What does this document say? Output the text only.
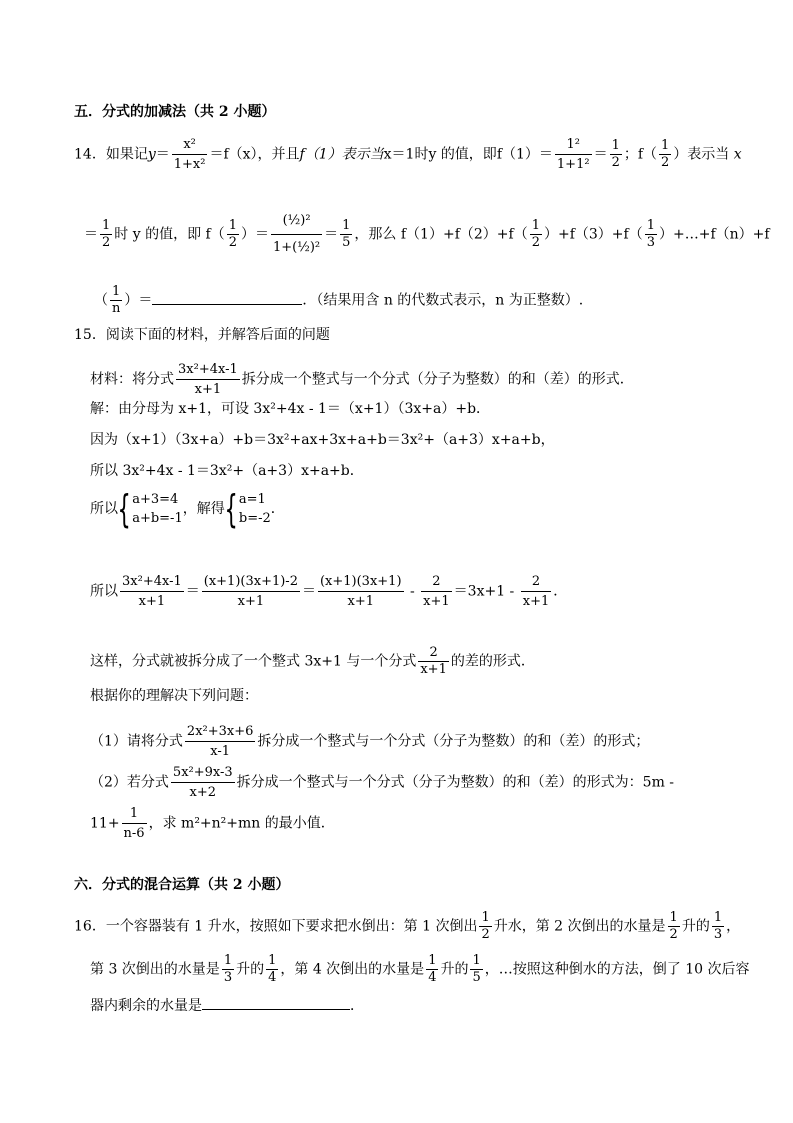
五．分式的加减法（共 2 小题）
14．如果记$y= \frac{\text{x²}}{\text{1+x²}} =f(x)$，并且f（1）表示当x＝1时y 的值，即$f(1)= \frac{\text{1²}}{\text{1+1²}} = \frac{1}{2}$ ；$f( \frac{1}{2}$ ）表示当 x
＝ $\frac{1}{2}$ 时 y 的值，即 $f( \frac{1}{2}$ ）＝ $\frac{\text{(½)²}}{\text{1+(½)²}} = \frac{1}{5}$ ，那么 $f(1)+f(2)+f( \frac{1}{2} )+f(3)+f( \frac{1}{3}$ ）+…+f（n）+f
（ $\frac{1}{n}$ ）＝	．（结果用含 n 的代数式表示，n 为正整数）.
15．阅读下面的材料，并解答后面的问题
材料：将分式 $\frac{\text{3x²+4x-1}}{x+1}$ 拆分成一个整式与一个分式（分子为整数）的和（差）的形式．
解：由分母为 x+1，可设 3x²+4x - 1＝（x+1）（3x+a）+b．
因为（x+1）（3x+a）+b＝3x²+ax+3x+a+b＝3x²+（a+3）x+a+b，
所以 3x²+4x - 1＝3x²+（a+3）x+a+b．
所以{ a+3=4
a+b=-1
，解得{ a=1
b=-2
．
所以 $\frac{\text{3x²+4x-1}}{x+1} = \frac{(x+1)(3x+1)-2}{x+1} = \frac{(x+1)(3x+1)}{x+1} - \frac{2}{x+1} =3x+1 - \frac{2}{x+1}$ ．
这样，分式就被拆分成了一个整式 3x+1 与一个分式 $\frac{2}{x+1}$ 的差的形式．
根据你的理解决下列问题：
（1）请将分式 $\frac{\text{2x²+3x+6}}{x-1}$ 拆分成一个整式与一个分式（分子为整数）的和（差）的形式；
（2）若分式 $\frac{\text{5x²+9x-3}}{x+2}$ 拆分成一个整式与一个分式（分子为整数）的和（差）的形式为：5m -
$11+ \frac{1}{n-6}$ ，求 m²+n²+mn 的最小值．
六．分式的混合运算（共 2 小题）
16．一个容器装有 1 升水，按照如下要求把水倒出：第 1 次倒出 $\frac{1}{2}$ 升水，第 2 次倒出的水量是 $\frac{1}{2}$ 升的 $\frac{1}{3}$ ，
第 3 次倒出的水量是 $\frac{1}{3}$ 升的 $\frac{1}{4}$ ，第 4 次倒出的水量是 $\frac{1}{4}$ 升的 $\frac{1}{5}$ ，…按照这种倒水的方法，倒了 10 次后容
器内剩余的水量是	．
